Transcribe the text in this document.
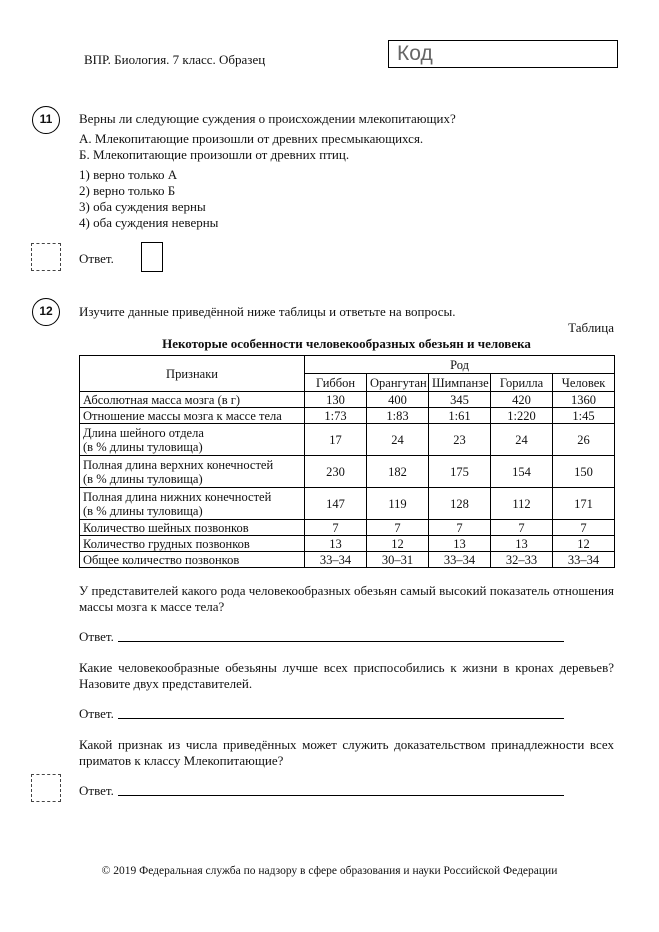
ВПР. Биология. 7 класс. Образец	Код
11	Верны ли следующие суждения о происхождении млекопитающих?
А. Млекопитающие произошли от древних пресмыкающихся.
Б. Млекопитающие произошли от древних птиц.
1) верно только А
2) верно только Б
3) оба суждения верны
4) оба суждения неверны
Ответ.
12	Изучите данные приведённой ниже таблицы и ответьте на вопросы.
Таблица
Некоторые особенности человекообразных обезьян и человека
Признаки	Род				
	Гиббон	Орангутан	Шимпанзе	Горилла	Человек
Абсолютная масса мозга (в г)	130	400	345	420	1360
Отношение массы мозга к массе тела	1:73	1:83	1:61	1:220	1:45
Длина шейного отдела
(в % длины туловища)	17	24	23	24	26
Полная длина верхних конечностей
(в % длины туловища)	230	182	175	154	150
Полная длина нижних конечностей
(в % длины туловища)	147	119	128	112	171
Количество шейных позвонков	7	7	7	7	7
Количество грудных позвонков	13	12	13	13	12
Общее количество позвонков	33–34	30–31	33–34	32–33	33–34
У представителей какого рода человекообразных обезьян самый высокий показатель отношения массы мозга к массе тела?
Ответ.
Какие человекообразные обезьяны лучше всех приспособились к жизни в кронах деревьев? Назовите двух представителей.
Ответ.
Какой признак из числа приведённых может служить доказательством принадлежности всех приматов к классу Млекопитающие?
Ответ.
© 2019 Федеральная служба по надзору в сфере образования и науки Российской Федерации
